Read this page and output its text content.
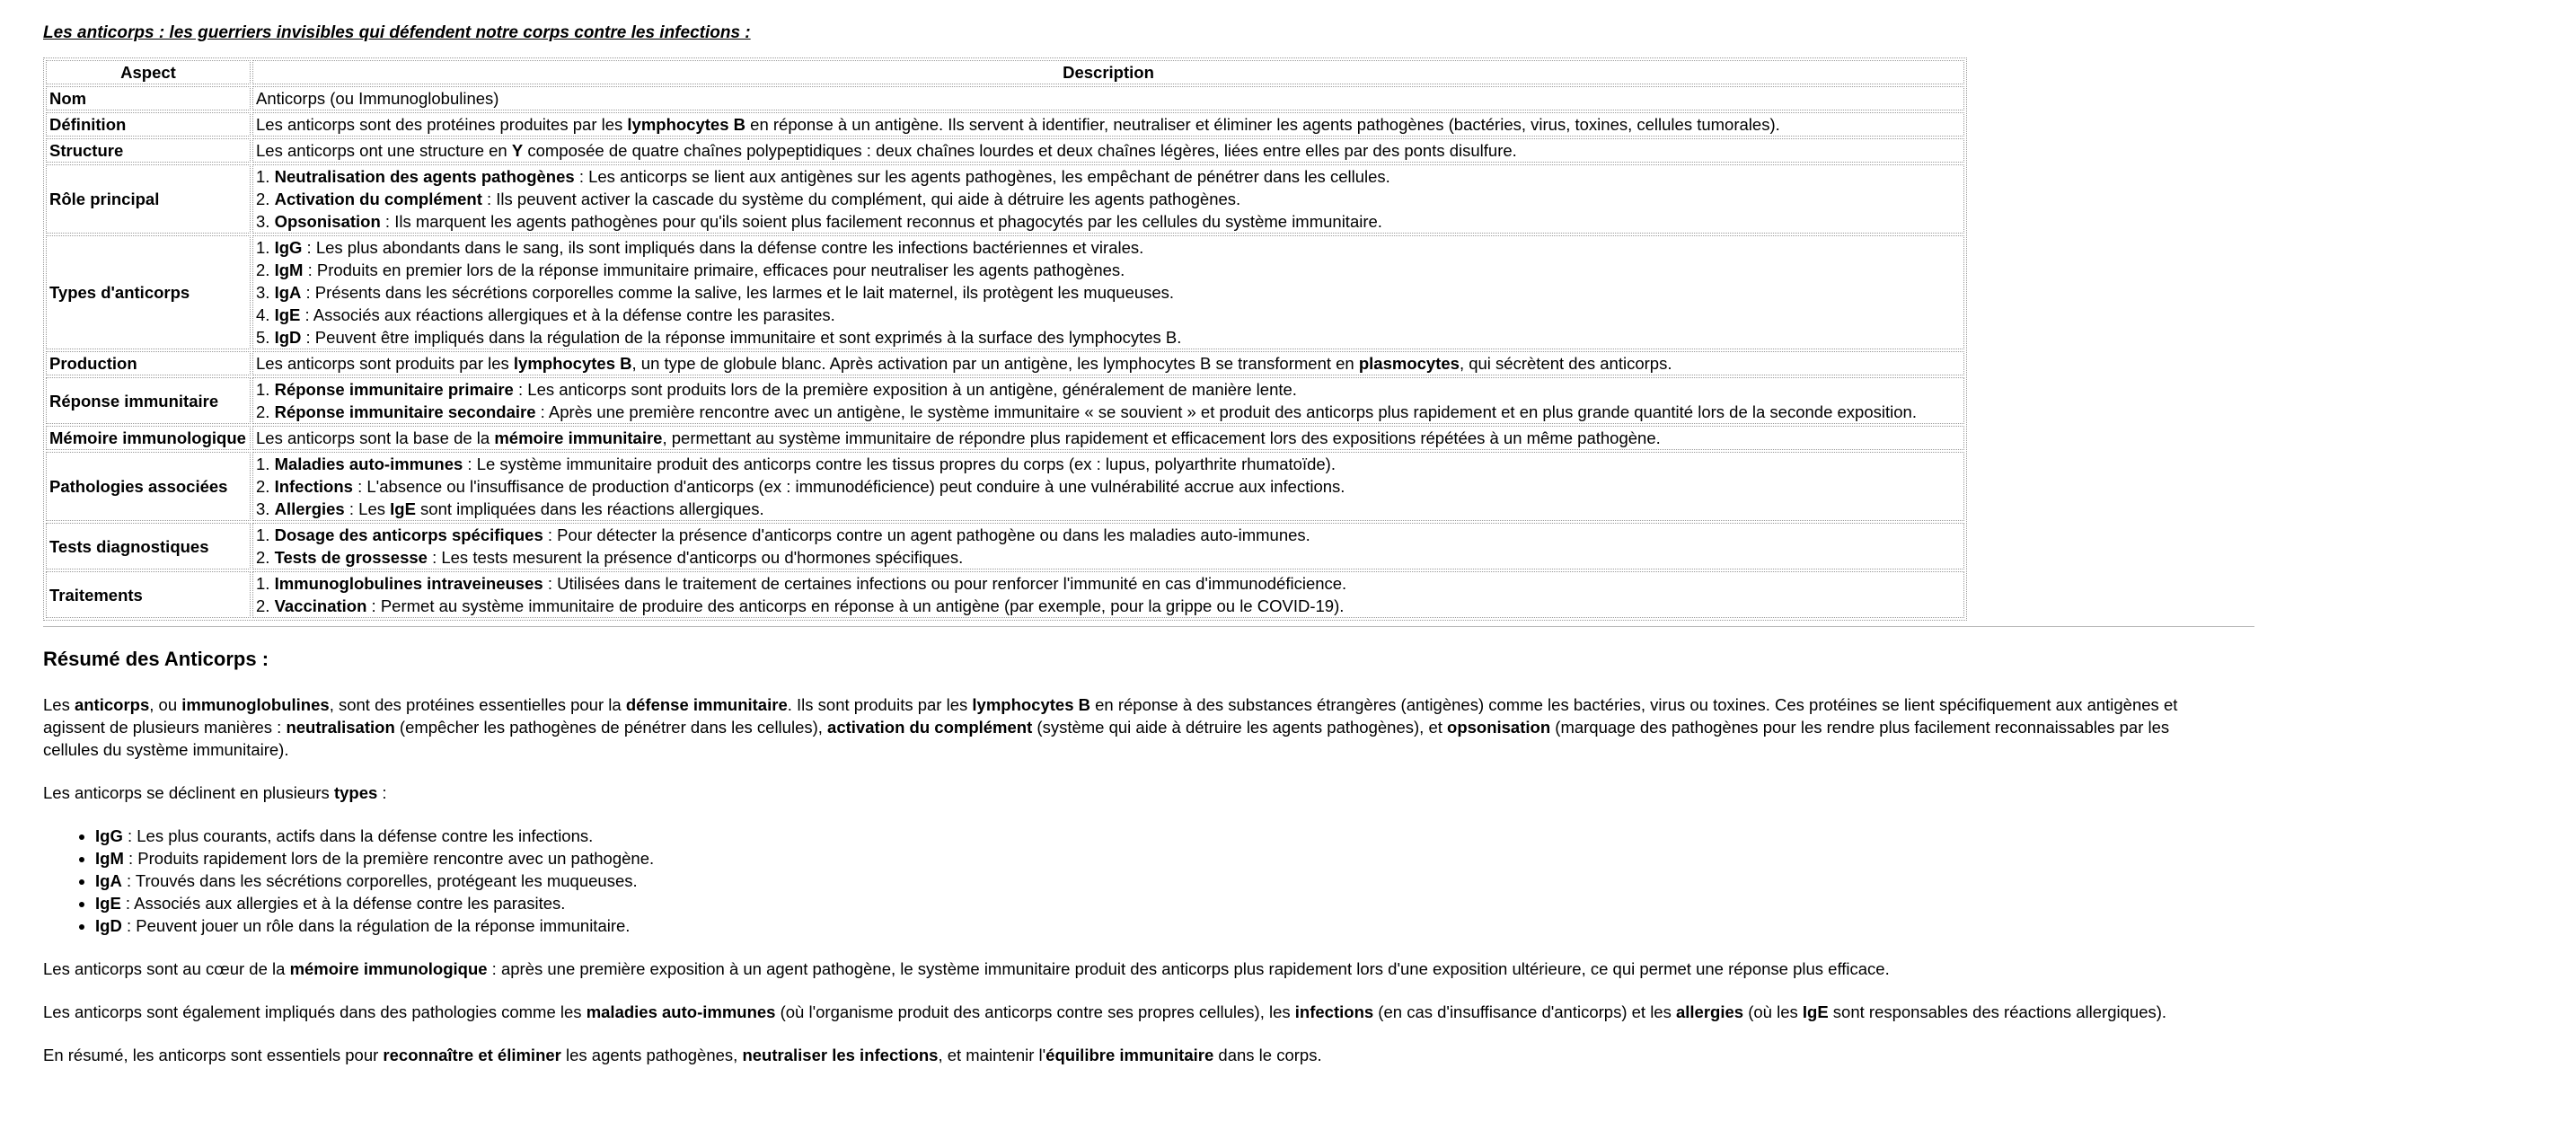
Les anticorps : les guerriers invisibles qui défendent notre corps contre les infections :
Aspect	Description
Nom	Anticorps (ou Immunoglobulines)

Définition	Les anticorps sont des protéines produites par les lymphocytes B en réponse à un antigène. Ils servent à identifier, neutraliser et éliminer les agents pathogènes (bactéries, virus, toxines, cellules tumorales).

Structure	Les anticorps ont une structure en Y composée de quatre chaînes polypeptidiques : deux chaînes lourdes et deux chaînes légères, liées entre elles par des ponts disulfure.

Rôle principal	1. Neutralisation des agents pathogènes : Les anticorps se lient aux antigènes sur les agents pathogènes, les empêchant de pénétrer dans les cellules.
2. Activation du complément : Ils peuvent activer la cascade du système du complément, qui aide à détruire les agents pathogènes.
3. Opsonisation : Ils marquent les agents pathogènes pour qu'ils soient plus facilement reconnus et phagocytés par les cellules du système immunitaire.

Types d'anticorps	1. IgG : Les plus abondants dans le sang, ils sont impliqués dans la défense contre les infections bactériennes et virales.
2. IgM : Produits en premier lors de la réponse immunitaire primaire, efficaces pour neutraliser les agents pathogènes.
3. IgA : Présents dans les sécrétions corporelles comme la salive, les larmes et le lait maternel, ils protègent les muqueuses.
4. IgE : Associés aux réactions allergiques et à la défense contre les parasites.
5. IgD : Peuvent être impliqués dans la régulation de la réponse immunitaire et sont exprimés à la surface des lymphocytes B.

Production	Les anticorps sont produits par les lymphocytes B, un type de globule blanc. Après activation par un antigène, les lymphocytes B se transforment en plasmocytes, qui sécrètent des anticorps.

Réponse immunitaire	1. Réponse immunitaire primaire : Les anticorps sont produits lors de la première exposition à un antigène, généralement de manière lente.
2. Réponse immunitaire secondaire : Après une première rencontre avec un antigène, le système immunitaire « se souvient » et produit des anticorps plus rapidement et en plus grande quantité lors de la seconde exposition.

Mémoire immunologique	Les anticorps sont la base de la mémoire immunitaire, permettant au système immunitaire de répondre plus rapidement et efficacement lors des expositions répétées à un même pathogène.

Pathologies associées	1. Maladies auto-immunes : Le système immunitaire produit des anticorps contre les tissus propres du corps (ex : lupus, polyarthrite rhumatoïde).
2. Infections : L'absence ou l'insuffisance de production d'anticorps (ex : immunodéficience) peut conduire à une vulnérabilité accrue aux infections.
3. Allergies : Les IgE sont impliquées dans les réactions allergiques.

Tests diagnostiques	1. Dosage des anticorps spécifiques : Pour détecter la présence d'anticorps contre un agent pathogène ou dans les maladies auto-immunes.
2. Tests de grossesse : Les tests mesurent la présence d'anticorps ou d'hormones spécifiques.

Traitements	1. Immunoglobulines intraveineuses : Utilisées dans le traitement de certaines infections ou pour renforcer l'immunité en cas d'immunodéficience.
2. Vaccination : Permet au système immunitaire de produire des anticorps en réponse à un antigène (par exemple, pour la grippe ou le COVID-19).
Résumé des Anticorps :

Les anticorps, ou immunoglobulines, sont des protéines essentielles pour la défense immunitaire. Ils sont produits par les lymphocytes B en réponse à des substances étrangères (antigènes) comme les bactéries, virus ou toxines. Ces protéines se lient spécifiquement aux antigènes et agissent de plusieurs manières : neutralisation (empêcher les pathogènes de pénétrer dans les cellules), activation du complément (système qui aide à détruire les agents pathogènes), et opsonisation (marquage des pathogènes pour les rendre plus facilement reconnaissables par les cellules du système immunitaire).

Les anticorps se déclinent en plusieurs types :

• IgG : Les plus courants, actifs dans la défense contre les infections.
• IgM : Produits rapidement lors de la première rencontre avec un pathogène.
• IgA : Trouvés dans les sécrétions corporelles, protégeant les muqueuses.
• IgE : Associés aux allergies et à la défense contre les parasites.
• IgD : Peuvent jouer un rôle dans la régulation de la réponse immunitaire.

Les anticorps sont au cœur de la mémoire immunologique : après une première exposition à un agent pathogène, le système immunitaire produit des anticorps plus rapidement lors d'une exposition ultérieure, ce qui permet une réponse plus efficace.

Les anticorps sont également impliqués dans des pathologies comme les maladies auto-immunes (où l'organisme produit des anticorps contre ses propres cellules), les infections (en cas d'insuffisance d'anticorps) et les allergies (où les IgE sont responsables des réactions allergiques).

En résumé, les anticorps sont essentiels pour reconnaître et éliminer les agents pathogènes, neutraliser les infections, et maintenir l'équilibre immunitaire dans le corps.
